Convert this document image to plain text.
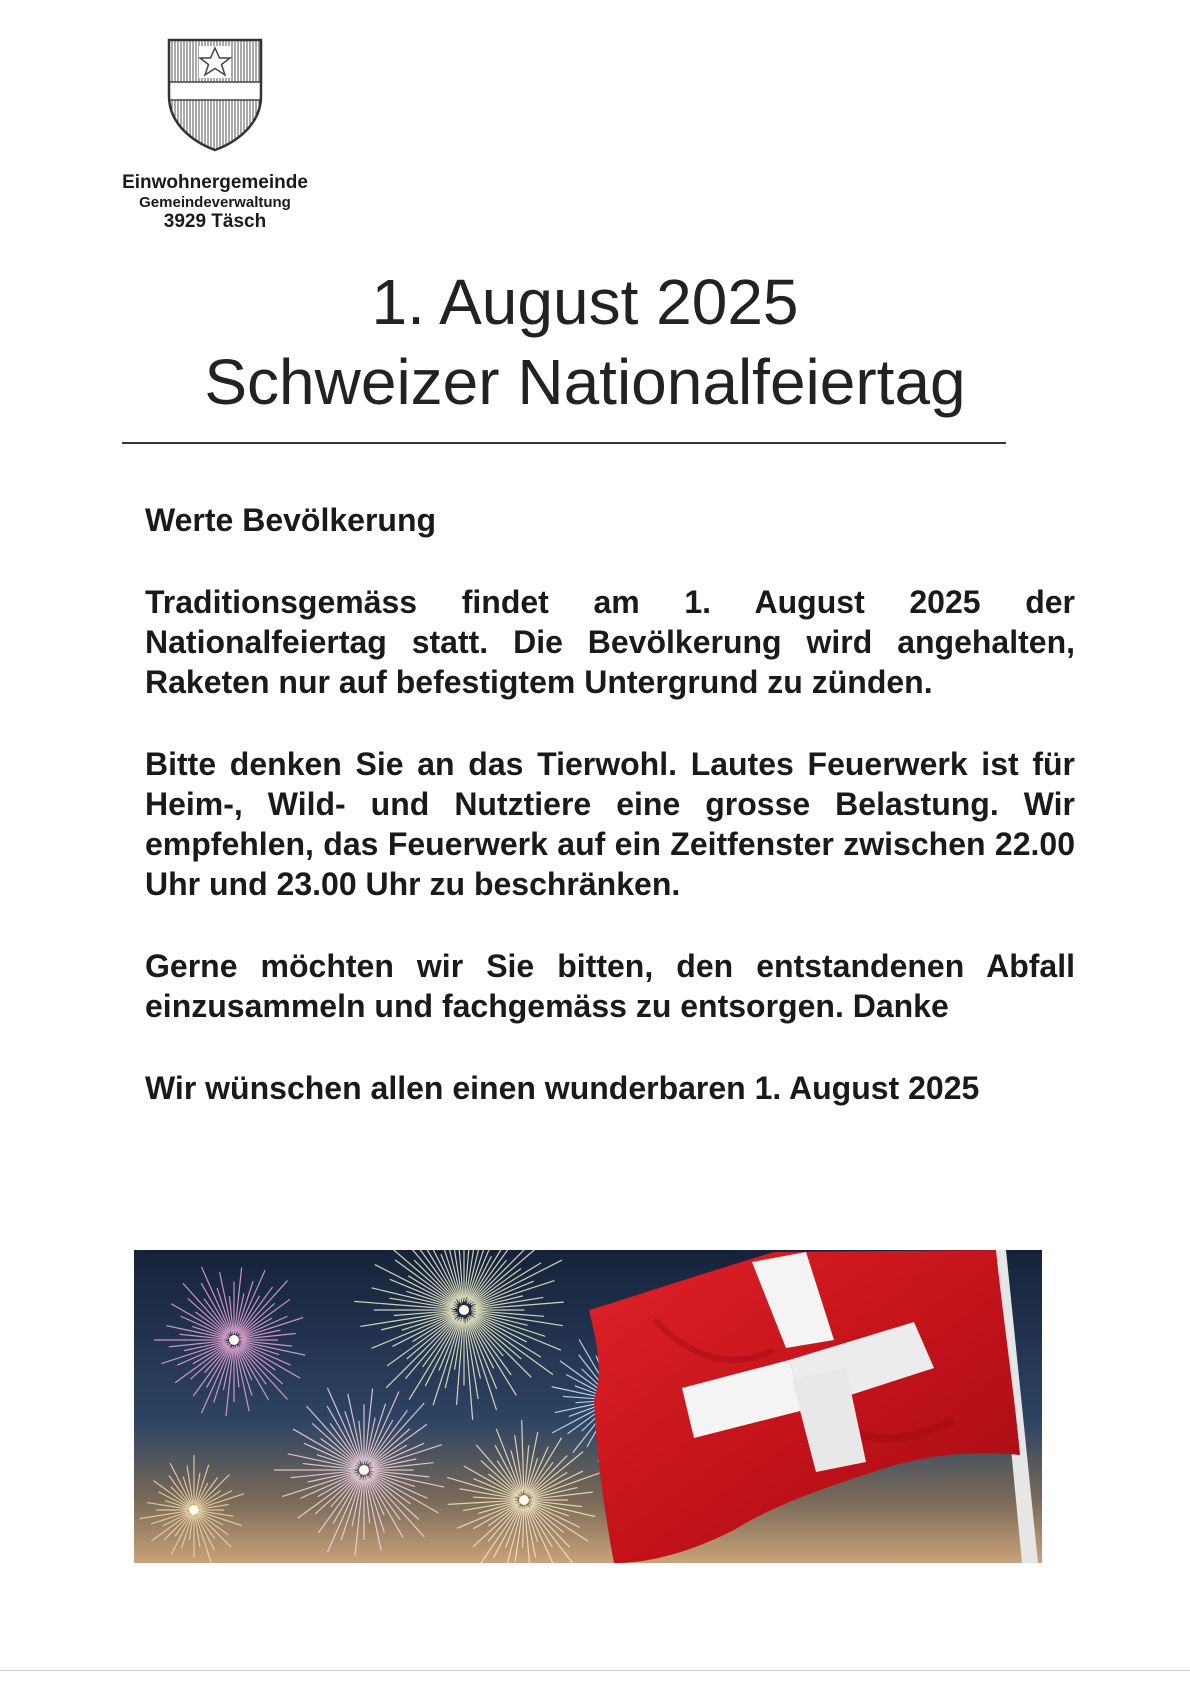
Einwohnergemeinde
Gemeindeverwaltung
3929 Täsch
1. August 2025
Schweizer Nationalfeiertag

Werte Bevölkerung

Traditionsgemäss findet am 1. August 2025 der Nationalfeiertag statt. Die Bevölkerung wird angehalten, Raketen nur auf befestigtem Untergrund zu zünden.

Bitte denken Sie an das Tierwohl. Lautes Feuerwerk ist für Heim-, Wild- und Nutztiere eine grosse Belastung. Wir empfehlen, das Feuerwerk auf ein Zeitfenster zwischen 22.00 Uhr und 23.00 Uhr zu beschränken.

Gerne möchten wir Sie bitten, den entstandenen Abfall einzusammeln und fachgemäss zu entsorgen. Danke

Wir wünschen allen einen wunderbaren 1. August 2025
